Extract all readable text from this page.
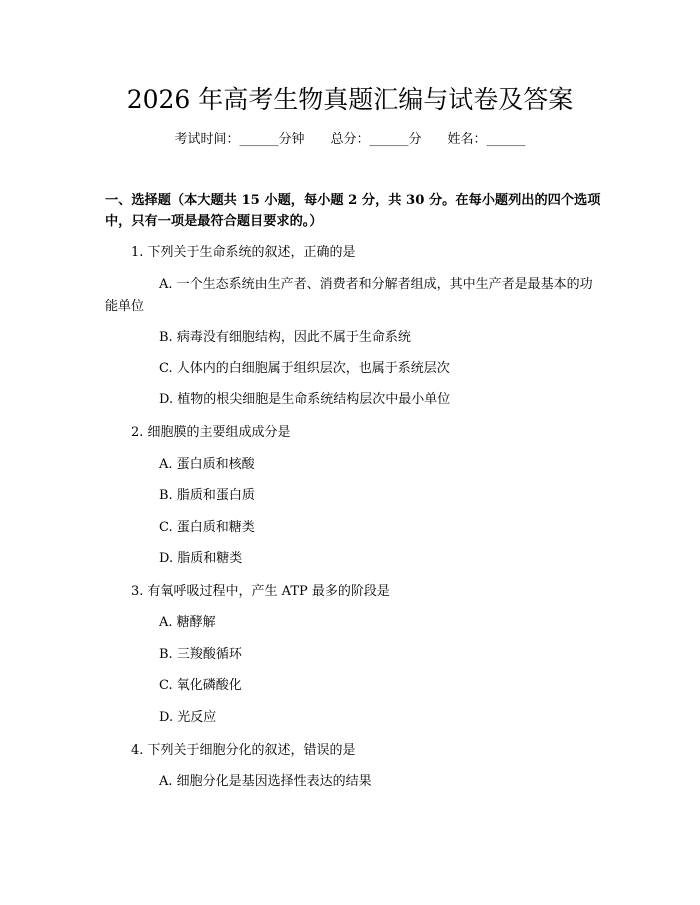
2026 年高考生物真题汇编与试卷及答案
考试时间：______分钟 总分：______分 姓名：______
一、选择题（本大题共 15 小题，每小题 2 分，共 30 分。在每小题列出的四个选项中，只有一项是最符合题目要求的。）
1. 下列关于生命系统的叙述，正确的是
A. 一个生态系统由生产者、消费者和分解者组成，其中生产者是最基本的功能单位
B. 病毒没有细胞结构，因此不属于生命系统
C. 人体内的白细胞属于组织层次，也属于系统层次
D. 植物的根尖细胞是生命系统结构层次中最小单位
2. 细胞膜的主要组成成分是
A. 蛋白质和核酸
B. 脂质和蛋白质
C. 蛋白质和糖类
D. 脂质和糖类
3. 有氧呼吸过程中，产生 ATP 最多的阶段是
A. 糖酵解
B. 三羧酸循环
C. 氧化磷酸化
D. 光反应
4. 下列关于细胞分化的叙述，错误的是
A. 细胞分化是基因选择性表达的结果
